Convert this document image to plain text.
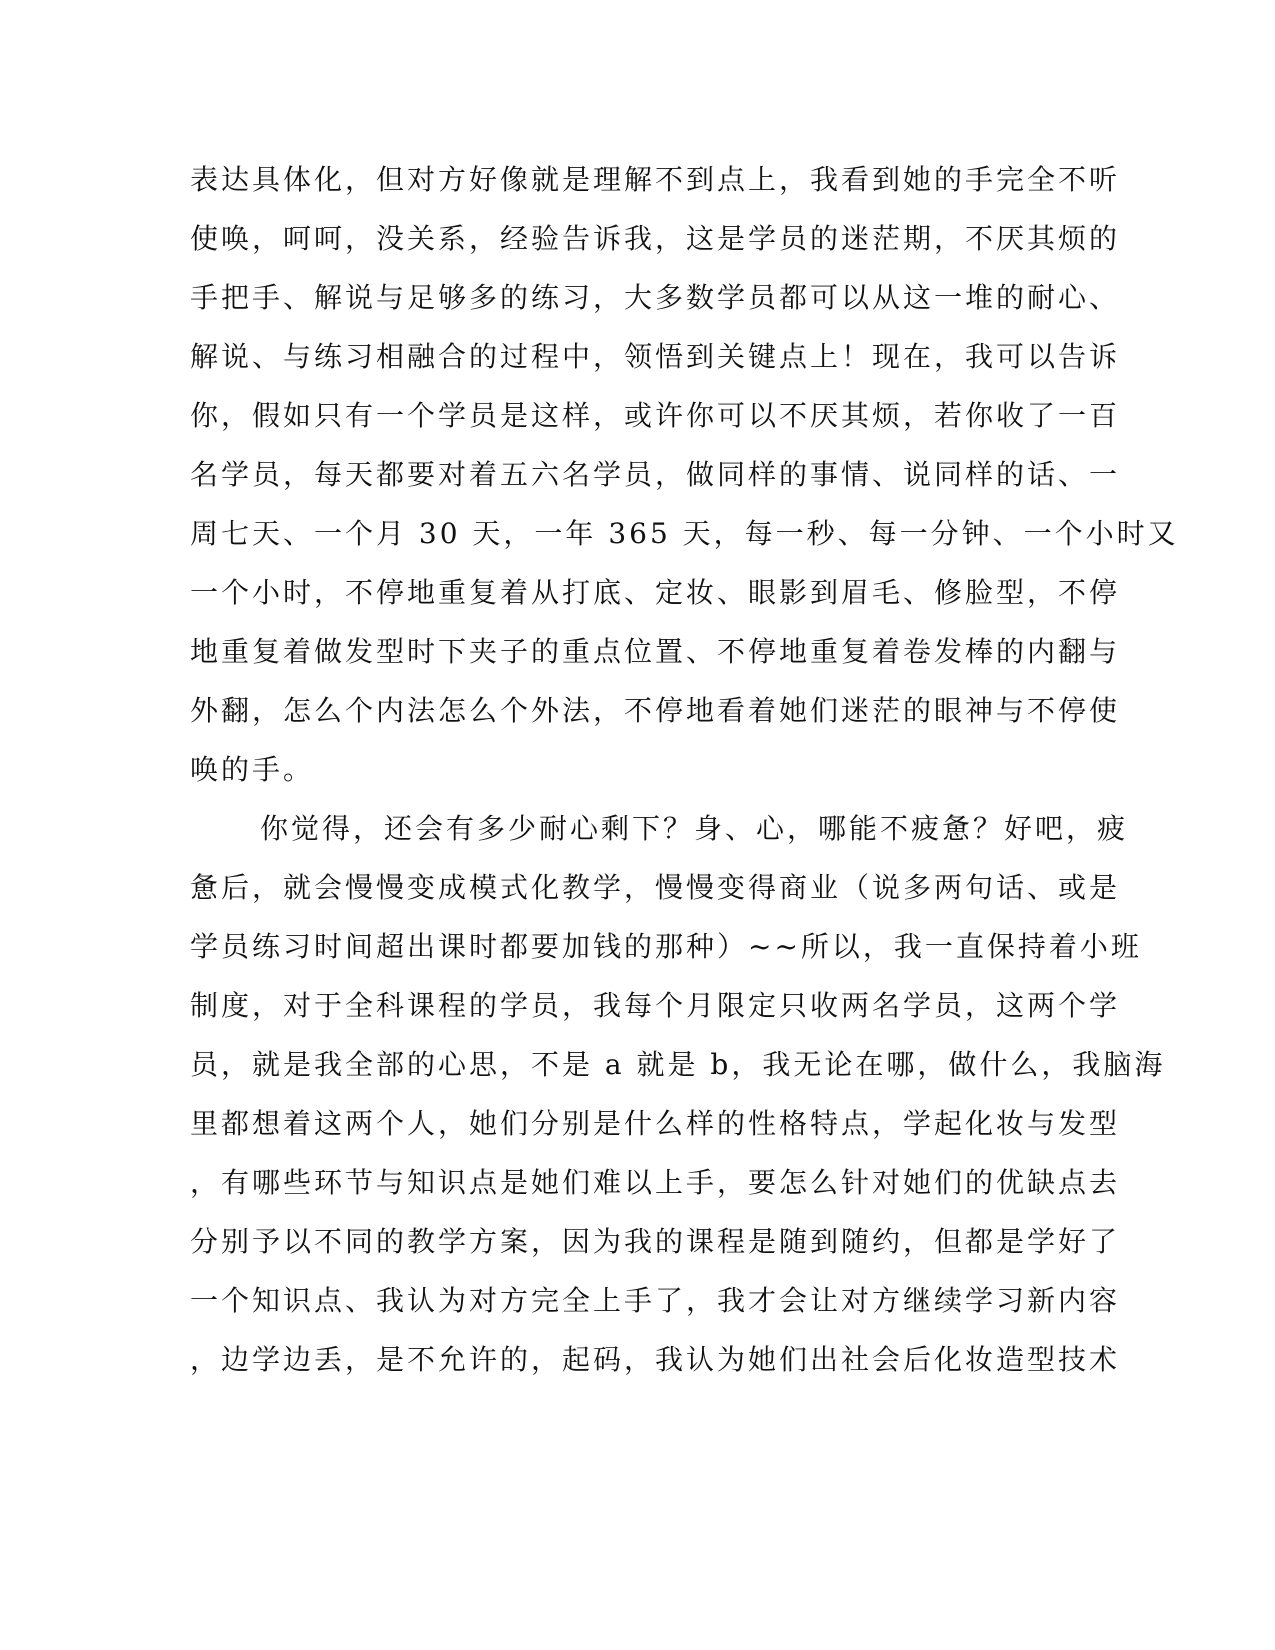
表达具体化，但对方好像就是理解不到点上，我看到她的手完全不听
使唤，呵呵，没关系，经验告诉我，这是学员的迷茫期，不厌其烦的
手把手、解说与足够多的练习，大多数学员都可以从这一堆的耐心、
解说、与练习相融合的过程中，领悟到关键点上！现在，我可以告诉
你，假如只有一个学员是这样，或许你可以不厌其烦，若你收了一百
名学员，每天都要对着五六名学员，做同样的事情、说同样的话、一
周七天、一个月 30 天，一年 365 天，每一秒、每一分钟、一个小时又
一个小时，不停地重复着从打底、定妆、眼影到眉毛、修脸型，不停
地重复着做发型时下夹子的重点位置、不停地重复着卷发棒的内翻与
外翻，怎么个内法怎么个外法，不停地看着她们迷茫的眼神与不停使
唤的手。
你觉得，还会有多少耐心剩下？身、心，哪能不疲惫？好吧，疲
惫后，就会慢慢变成模式化教学，慢慢变得商业（说多两句话、或是
学员练习时间超出课时都要加钱的那种）~~所以，我一直保持着小班
制度，对于全科课程的学员，我每个月限定只收两名学员，这两个学
员，就是我全部的心思，不是 a 就是 b，我无论在哪，做什么，我脑海
里都想着这两个人，她们分别是什么样的性格特点，学起化妆与发型
，有哪些环节与知识点是她们难以上手，要怎么针对她们的优缺点去
分别予以不同的教学方案，因为我的课程是随到随约，但都是学好了
一个知识点、我认为对方完全上手了，我才会让对方继续学习新内容
，边学边丢，是不允许的，起码，我认为她们出社会后化妆造型技术
